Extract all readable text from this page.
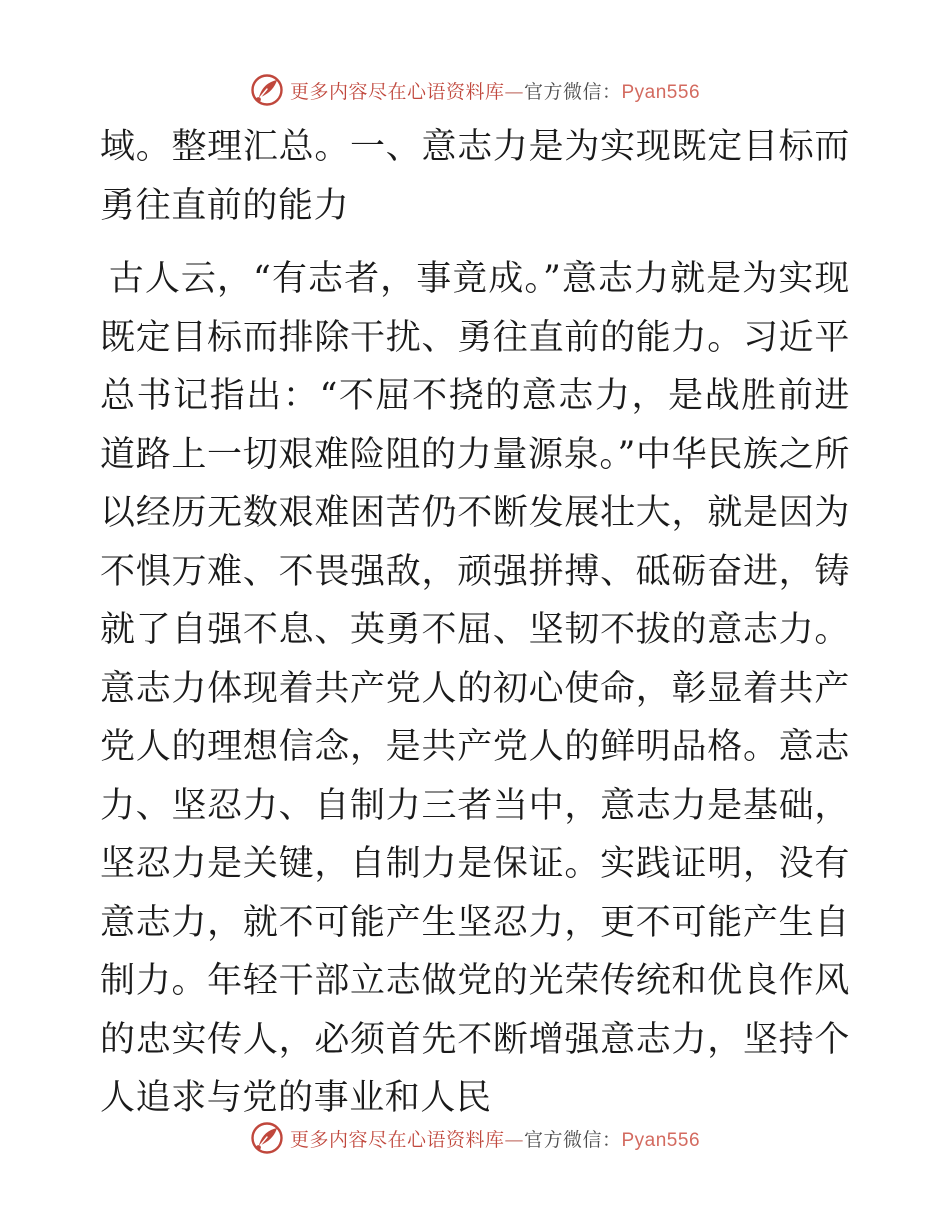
更多内容尽在心语资料库—官方微信：Pyan556

域。整理汇总。一、意志力是为实现既定目标而勇往直前的能力

古人云，“有志者，事竟成。”意志力就是为实现既定目标而排除干扰、勇往直前的能力。习近平总书记指出：“不屈不挠的意志力，是战胜前进道路上一切艰难险阻的力量源泉。”中华民族之所以经历无数艰难困苦仍不断发展壮大，就是因为不惧万难、不畏强敌，顽强拼搏、砥砺奋进，铸就了自强不息、英勇不屈、坚韧不拔的意志力。意志力体现着共产党人的初心使命，彰显着共产党人的理想信念，是共产党人的鲜明品格。意志力、坚忍力、自制力三者当中，意志力是基础，坚忍力是关键，自制力是保证。实践证明，没有意志力，就不可能产生坚忍力，更不可能产生自制力。年轻干部立志做党的光荣传统和优良作风的忠实传人，必须首先不断增强意志力，坚持个人追求与党的事业和人民

更多内容尽在心语资料库—官方微信：Pyan556
